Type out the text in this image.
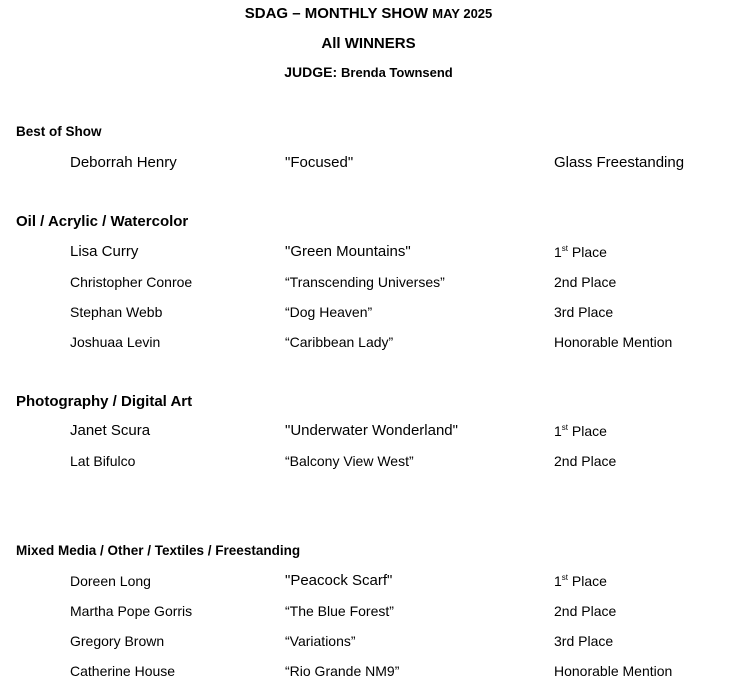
SDAG – MONTHLY SHOW MAY 2025
All WINNERS
JUDGE: Brenda Townsend
Best of Show
Deborrah Henry	"Focused"	Glass Freestanding
Oil / Acrylic / Watercolor
Lisa Curry	"Green Mountains"	1st Place
Christopher Conroe	“Transcending Universes”	2nd Place
Stephan Webb	“Dog Heaven”	3rd Place
Joshuaa Levin	“Caribbean Lady”	Honorable Mention
Photography / Digital Art
Janet Scura	"Underwater Wonderland"	1st Place
Lat Bifulco	“Balcony View West”	2nd Place
Mixed Media / Other / Textiles / Freestanding
Doreen Long	"Peacock Scarf"	1st Place
Martha Pope Gorris	“The Blue Forest”	2nd Place
Gregory Brown	“Variations”	3rd Place
Catherine House	“Rio Grande NM9”	Honorable Mention
